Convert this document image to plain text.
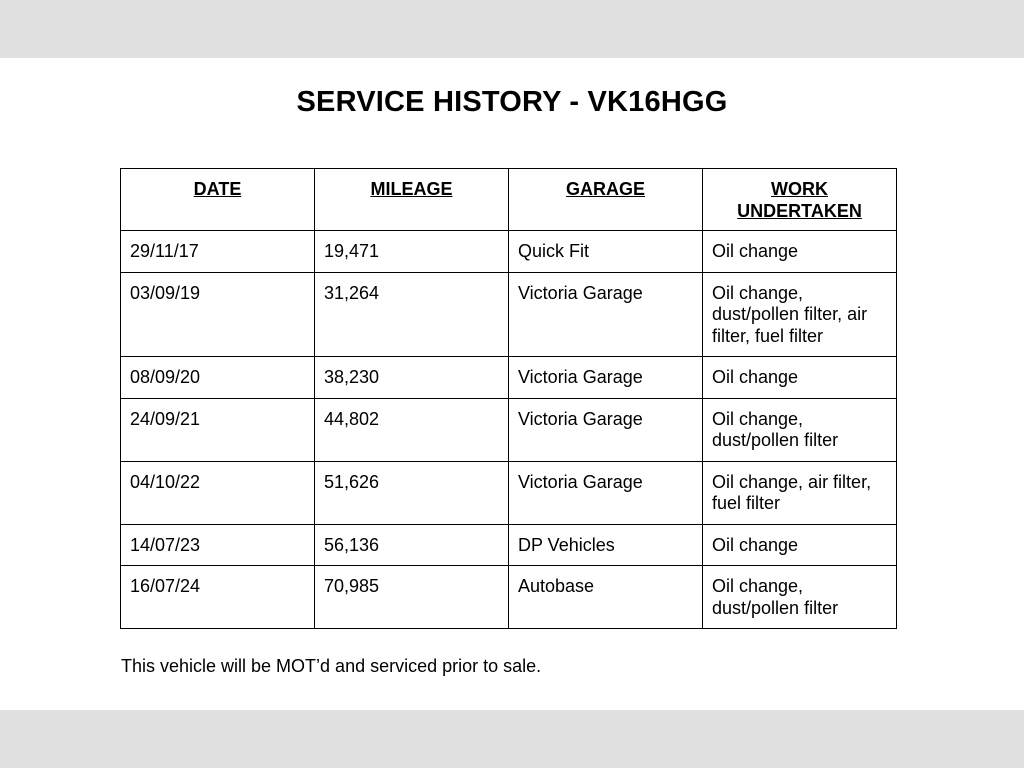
SERVICE HISTORY - VK16HGG
DATE	MILEAGE	GARAGE	WORK UNDERTAKEN
29/11/17	19,471	Quick Fit	Oil change
03/09/19	31,264	Victoria Garage	Oil change, dust/pollen filter, air filter, fuel filter
08/09/20	38,230	Victoria Garage	Oil change
24/09/21	44,802	Victoria Garage	Oil change, dust/pollen filter
04/10/22	51,626	Victoria Garage	Oil change, air filter, fuel filter
14/07/23	56,136	DP Vehicles	Oil change
16/07/24	70,985	Autobase	Oil change, dust/pollen filter

This vehicle will be MOT’d and serviced prior to sale.
